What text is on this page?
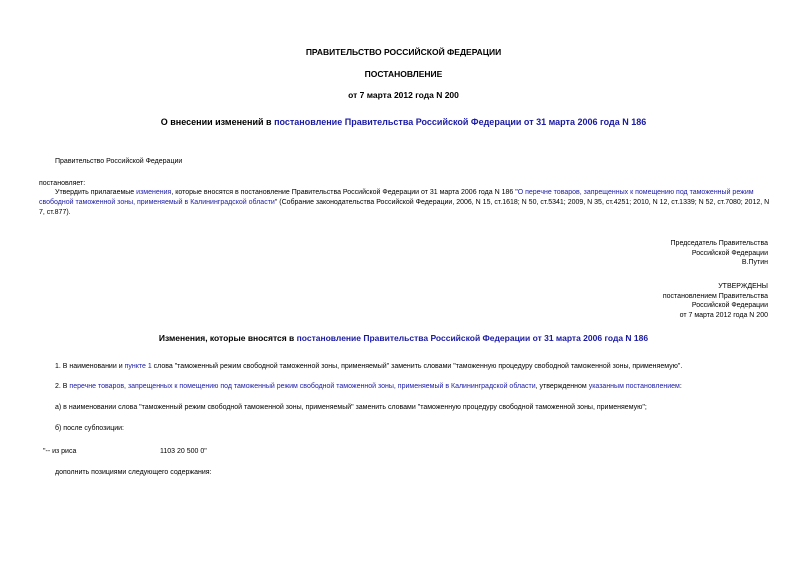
ПРАВИТЕЛЬСТВО РОССИЙСКОЙ ФЕДЕРАЦИИ
ПОСТАНОВЛЕНИЕ
от 7 марта 2012 года N 200
О внесении изменений в постановление Правительства Российской Федерации от 31 марта 2006 года N 186
Правительство Российской Федерации
постановляет:
Утвердить прилагаемые изменения, которые вносятся в постановление Правительства Российской Федерации от 31 марта 2006 года N 186 "О перечне товаров, запрещенных к помещению под таможенный режим свободной таможенной зоны, применяемый в Калининградской области" (Собрание законодательства Российской Федерации, 2006, N 15, ст.1618; N 50, ст.5341; 2009, N 35, ст.4251; 2010, N 12, ст.1339; N 52, ст.7080; 2012, N 7, ст.877).
Председатель Правительства
Российской Федерации
В.Путин
УТВЕРЖДЕНЫ
постановлением Правительства
Российской Федерации
от 7 марта 2012 года N 200
Изменения, которые вносятся в постановление Правительства Российской Федерации от 31 марта 2006 года N 186
1. В наименовании и пункте 1 слова "таможенный режим свободной таможенной зоны, применяемый" заменить словами "таможенную процедуру свободной таможенной зоны, применяемую".
2. В перечне товаров, запрещенных к помещению под таможенный режим свободной таможенной зоны, применяемый в Калининградской области, утвержденном указанным постановлением:
а) в наименовании слова "таможенный режим свободной таможенной зоны, применяемый" заменить словами "таможенную процедуру свободной таможенной зоны, применяемую";
б) после субпозиции:
"-- из риса	1103 20 500 0"
дополнить позициями следующего содержания:
